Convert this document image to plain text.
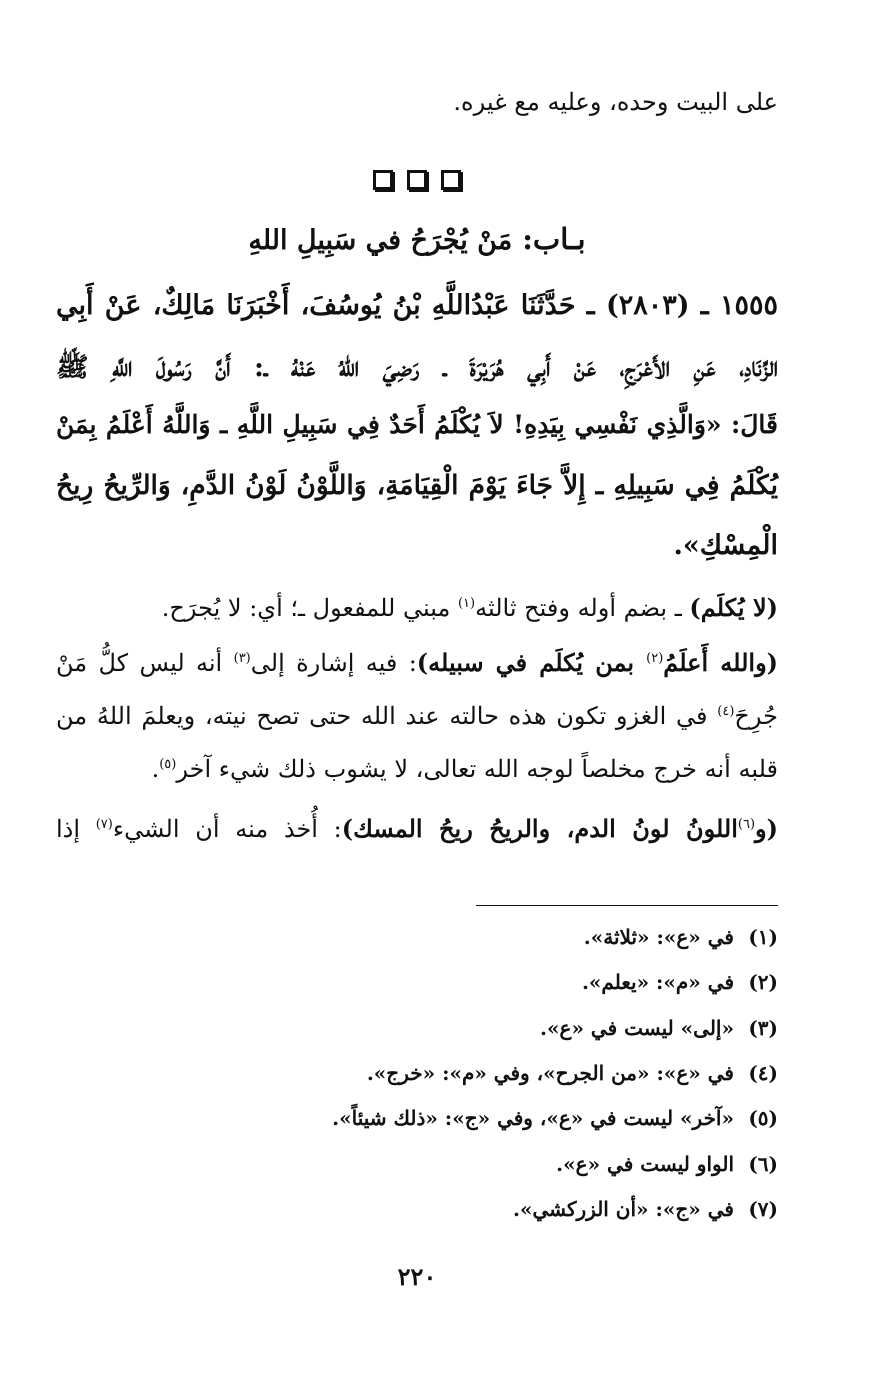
على البيت وحده، وعليه مع غيره.
بـاب:مَنْ يُجْرَحُ في سَبِيلِ اللهِ
١٥٥٥ ـ (٢٨٠٣) ـ حَدَّثَنَا عَبْدُاللَّهِ بْنُ يُوسُفَ، أَخْبَرَنَا مَالِكٌ، عَنْ أَبِي
الزِّنَادِ، عَنِ الأَعْرَجِ، عَنْ أَبِي هُرَيْرَةَ ـ رَضِيَ اللهُ عَنْهُ ـ: أَنَّ رَسُولَ اللَّهِ ﷺ
قَالَ: «وَالَّذِي نَفْسِي بِيَدِهِ! لاَ يُكْلَمُ أَحَدٌ فِي سَبِيلِ اللَّهِ ـ وَاللَّهُ أَعْلَمُ بِمَنْ
يُكْلَمُ فِي سَبِيلِهِ ـ إِلاَّ جَاءَ يَوْمَ الْقِيَامَةِ، وَاللَّوْنُ لَوْنُ الدَّمِ، وَالرِّيحُ رِيحُ
الْمِسْكِ».
(لا يُكلَم) ـ بضم أوله وفتح ثالثه$^{(١)}$ مبني للمفعول ـ؛ أي: لا يُجرَح.
(والله أَعلَمُ$^{(٢)}$ بمن يُكلَم في سبيله): فيه إشارة إلى$^{(٣)}$ أنه ليس كلُّ مَنْ
جُرِحَ$^{(٤)}$ في الغزو تكون هذه حالته عند الله حتى تصح نيته، ويعلمَ اللهُ من
قلبه أنه خرج مخلصاً لوجه الله تعالى، لا يشوب ذلك شيء آخر$^{(٥)}$.
(و$^{(٦)}$اللونُ لونُ الدم، والريحُ ريحُ المسك): أُخذ منه أن الشيء$^{(٧)}$ إذا
(١)في «ع»: «ثلاثة».
(٢)في «م»: «يعلم».
(٣)«إلى» ليست في «ع».
(٤)في «ع»: «من الجرح»، وفي «م»: «خرج».
(٥)«آخر» ليست في «ع»، وفي «ج»: «ذلك شيئاً».
(٦)الواو ليست في «ع».
(٧)في «ج»: «أن الزركشي».
٢٢٠
